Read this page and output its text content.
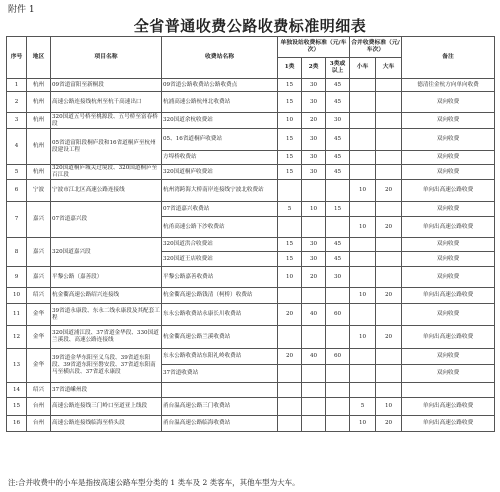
附件 1
全省普通收费公路收费标准明细表
序号	地区	项目名称	收费站名称	单独设站收费标准（元/车次）			合并收费标准（元/车次）		备注
				1类	2类	3类或以上	小车	大车	
1	杭州	09省道富阳至新桐段	09省道公路收费站公路收费点	15	30	45			德清往金杭方向单向收费
2	杭州	高速公路连接线杭州至杭千高速出口	杭浦高速公路杭州北收费站	15	30	45			双向收费
3	杭州	320国道五号桥至桃源段、五号桥至富春桥段	320国道余杭收费站	10	20	30			双向收费
4	杭州	05省道富阳段桐庐段和16省道桐庐至杭州段建设工程	05、16省道桐庐收费站	15	30	45			双向收费
			方埠桥收费站	15	30	45			双向收费
5	杭州	320国道桐庐城关过境段、320国道桐庐至百江段	320国道桐庐收费站	15	30	45			双向收费
6	宁波	宁波市江北区高速公路连接线	杭州湾跨海大桥南岸连接线宁波北收费站				10	20	单向出高速公路收费
7	嘉兴	07省道嘉兴段	07省道嘉兴收费站	5	10	15			双向收费
			杭甬高速公路下沙收费站				10	20	单向出高速公路收费
8	嘉兴	320国道嘉兴段	320国道洪合收费站	15	30	45			双向收费
			320国道王店收费站	15	30	45			双向收费
9	嘉兴	平黎公路（嘉善段）	平黎公路嘉善收费站	10	20	30			双向收费
10	绍兴	杭金衢高速公路绍兴连接线	杭金衢高速公路钱清（柯桥）收费站				10	20	单向出高速公路收费
11	金华	39省道永康段、东永二线永康段及其配套工程	东永公路收费站永康长川收费站	20	40	60			双向收费
12	金华	320国道浦江段、37省道金华段、330国道兰溪段、高速公路连接线	杭金衢高速公路兰溪收费站				10	20	单向出高速公路收费
13	金华	39省道金华东阳至义乌段、39省道东阳段、39省道东阳至磐安段、37省道东阳南马至横店段、37省道永康段	东永公路收费站东阳礼岭收费站	20	40	60			双向收费
			37省道收费站						双向收费
14	绍兴	37省道嵊州段							
15	台州	高速公路连接线三门岭口至道亚上线段	甬台温高速公路三门收费站				5	10	单向出高速公路收费
16	台州	高速公路连接线临海至桥头段	甬台温高速公路临海收费站				10	20	单向出高速公路收费
注:合并收费中的小车是指按高速公路车型分类的 1 类车及 2 类客车，其他车型为大车。
